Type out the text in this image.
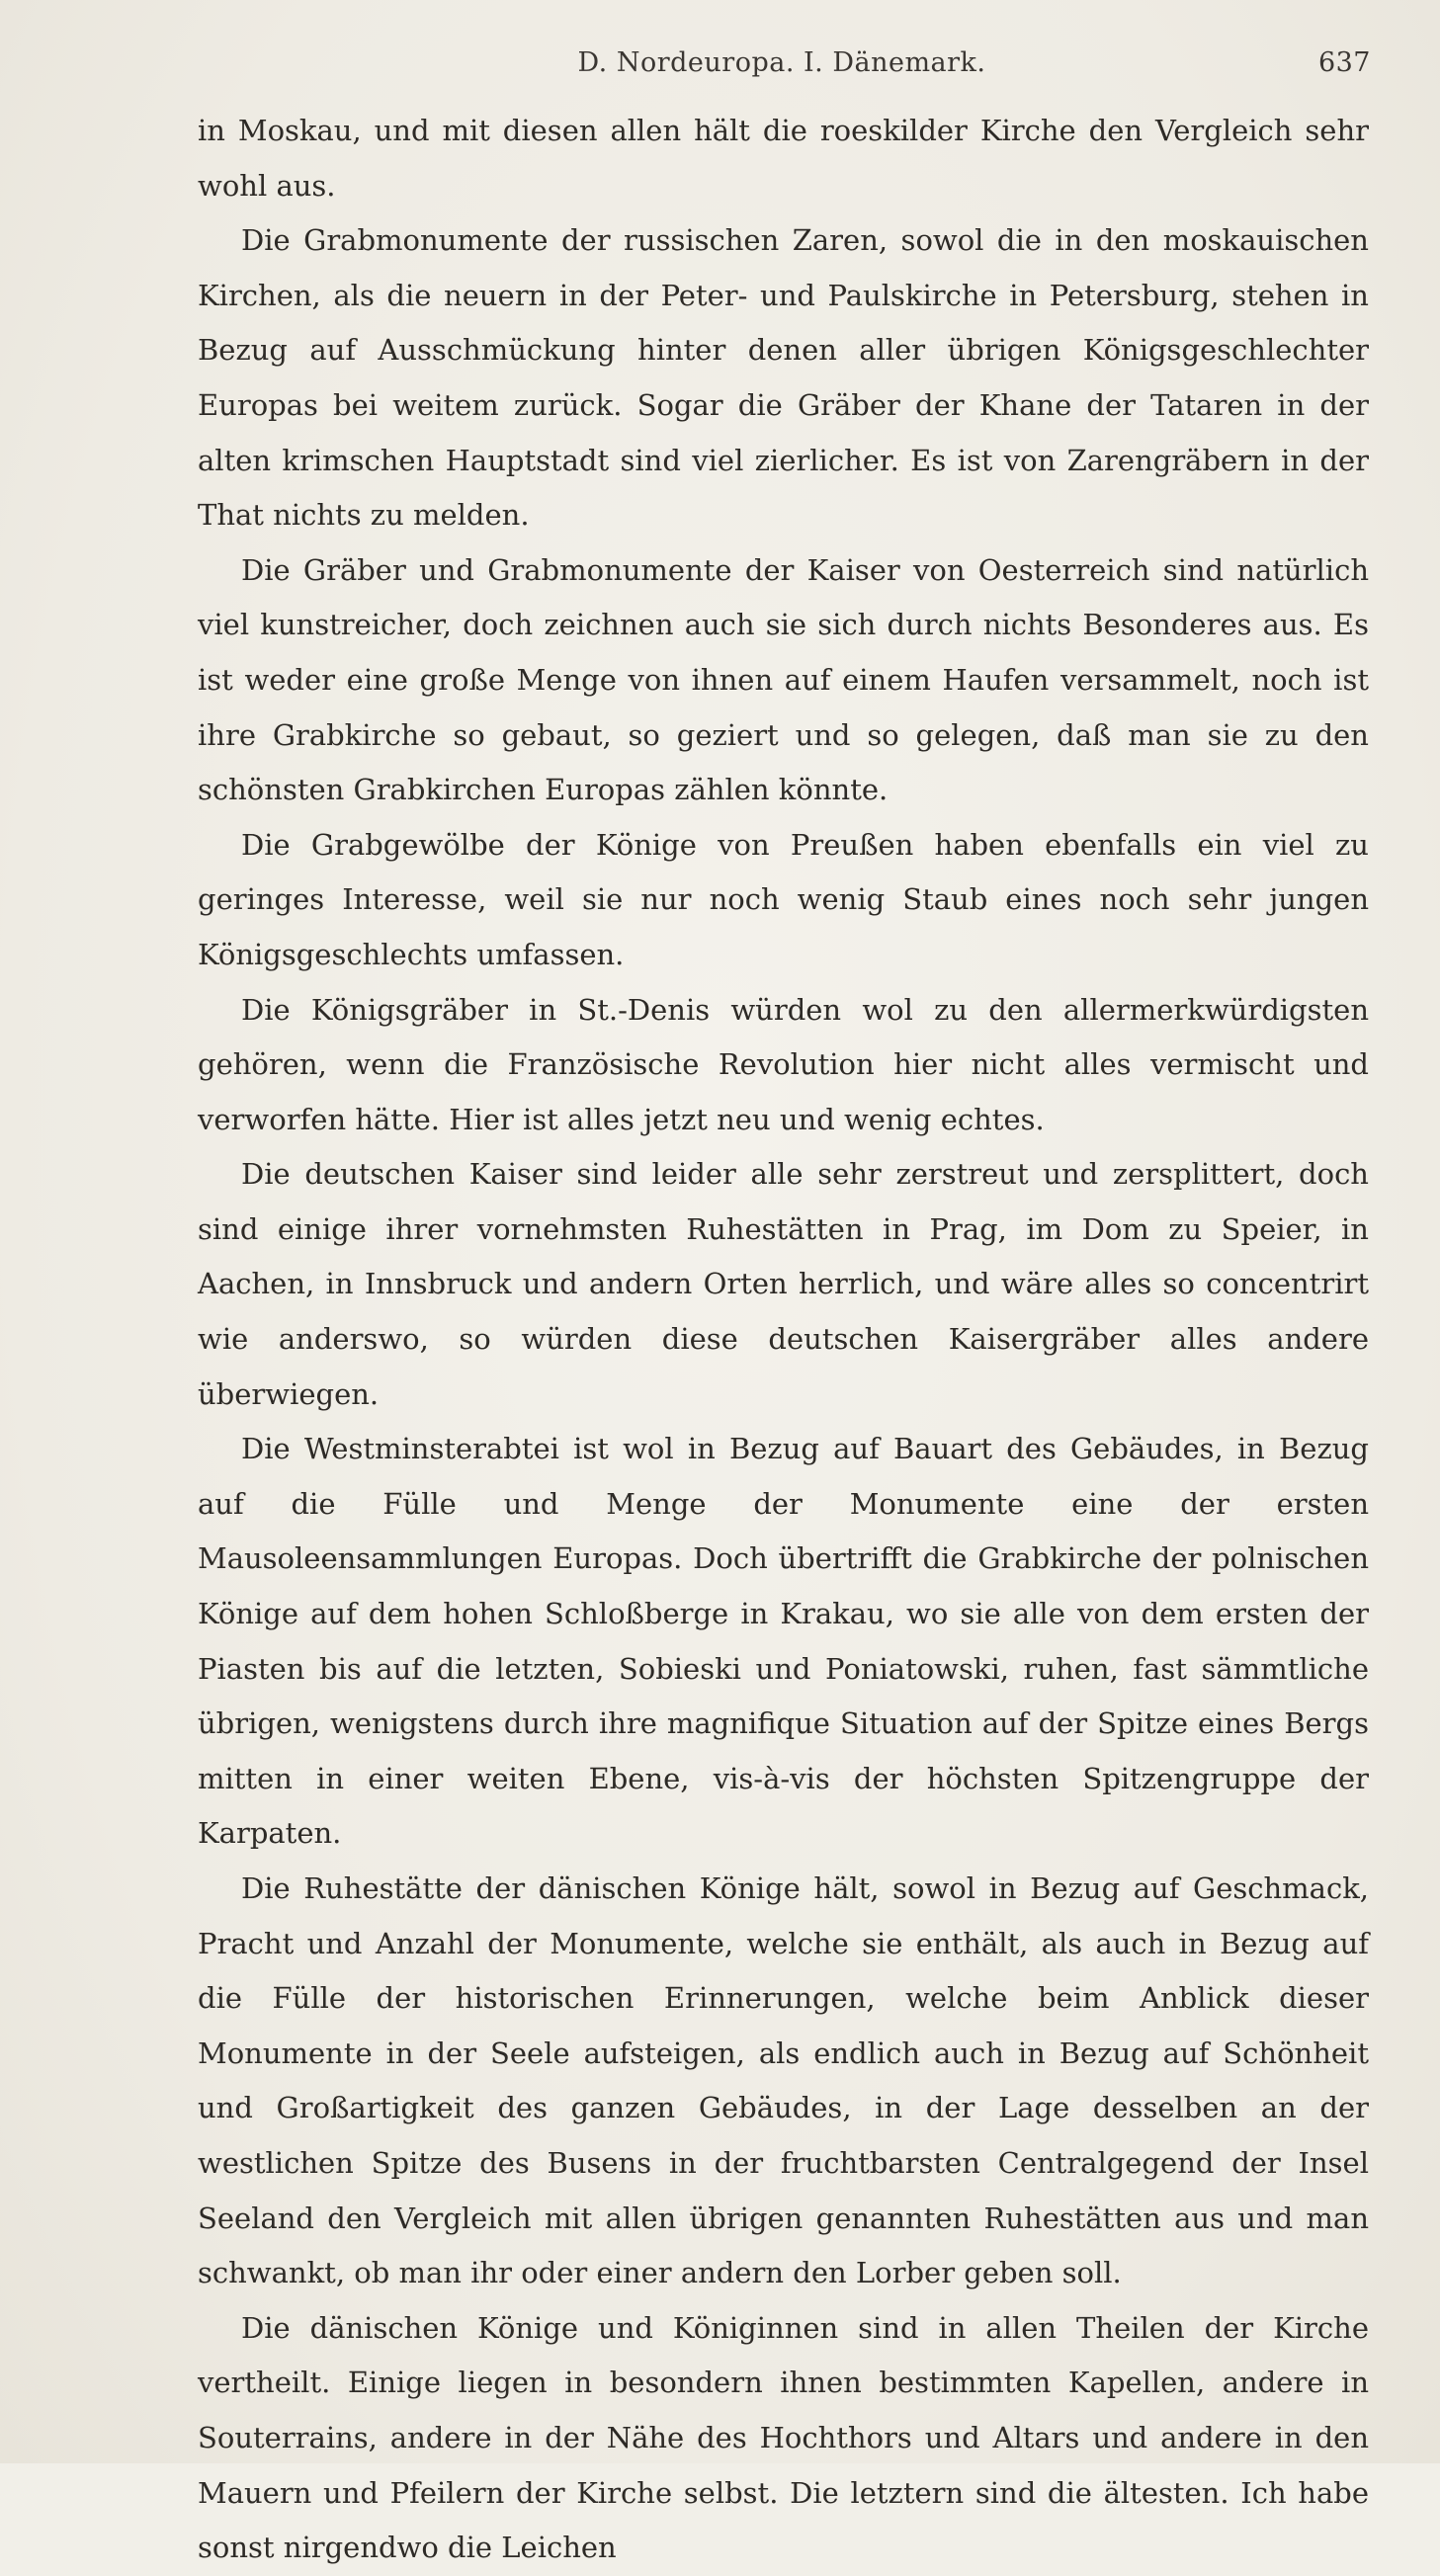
D. Nordeuropa. I. Dänemark.	637

in Moskau, und mit diesen allen hält die roeskilder Kirche den Vergleich sehr wohl aus.

Die Grabmonumente der russischen Zaren, sowol die in den moskauischen Kirchen, als die neuern in der Peter- und Paulskirche in Petersburg, stehen in Bezug auf Ausschmückung hinter denen aller übrigen Königsgeschlechter Europas bei weitem zurück. Sogar die Gräber der Khane der Tataren in der alten krimschen Hauptstadt sind viel zierlicher. Es ist von Zarengräbern in der That nichts zu melden.

Die Gräber und Grabmonumente der Kaiser von Oesterreich sind natürlich viel kunstreicher, doch zeichnen auch sie sich durch nichts Besonderes aus. Es ist weder eine große Menge von ihnen auf einem Haufen versammelt, noch ist ihre Grabkirche so gebaut, so geziert und so gelegen, daß man sie zu den schönsten Grabkirchen Europas zählen könnte.

Die Grabgewölbe der Könige von Preußen haben ebenfalls ein viel zu geringes Interesse, weil sie nur noch wenig Staub eines noch sehr jungen Königsgeschlechts umfassen.

Die Königsgräber in St.-Denis würden wol zu den allermerkwürdigsten gehören, wenn die Französische Revolution hier nicht alles vermischt und verworfen hätte. Hier ist alles jetzt neu und wenig echtes.

Die deutschen Kaiser sind leider alle sehr zerstreut und zersplittert, doch sind einige ihrer vornehmsten Ruhestätten in Prag, im Dom zu Speier, in Aachen, in Innsbruck und andern Orten herrlich, und wäre alles so concentrirt wie anderswo, so würden diese deutschen Kaisergräber alles andere überwiegen.

Die Westminsterabtei ist wol in Bezug auf Bauart des Gebäudes, in Bezug auf die Fülle und Menge der Monumente eine der ersten Mausoleensammlungen Europas. Doch übertrifft die Grabkirche der polnischen Könige auf dem hohen Schloßberge in Krakau, wo sie alle von dem ersten der Piasten bis auf die letzten, Sobieski und Poniatowski, ruhen, fast sämmtliche übrigen, wenigstens durch ihre magnifique Situation auf der Spitze eines Bergs mitten in einer weiten Ebene, vis-à-vis der höchsten Spitzengruppe der Karpaten.

Die Ruhestätte der dänischen Könige hält, sowol in Bezug auf Geschmack, Pracht und Anzahl der Monumente, welche sie enthält, als auch in Bezug auf die Fülle der historischen Erinnerungen, welche beim Anblick dieser Monumente in der Seele aufsteigen, als endlich auch in Bezug auf Schönheit und Großartigkeit des ganzen Gebäudes, in der Lage desselben an der westlichen Spitze des Busens in der fruchtbarsten Centralgegend der Insel Seeland den Vergleich mit allen übrigen genannten Ruhestätten aus und man schwankt, ob man ihr oder einer andern den Lorber geben soll.

Die dänischen Könige und Königinnen sind in allen Theilen der Kirche vertheilt. Einige liegen in besondern ihnen bestimmten Kapellen, andere in Souterrains, andere in der Nähe des Hochthors und Altars und andere in den Mauern und Pfeilern der Kirche selbst. Die letztern sind die ältesten. Ich habe sonst nirgendwo die Leichen
